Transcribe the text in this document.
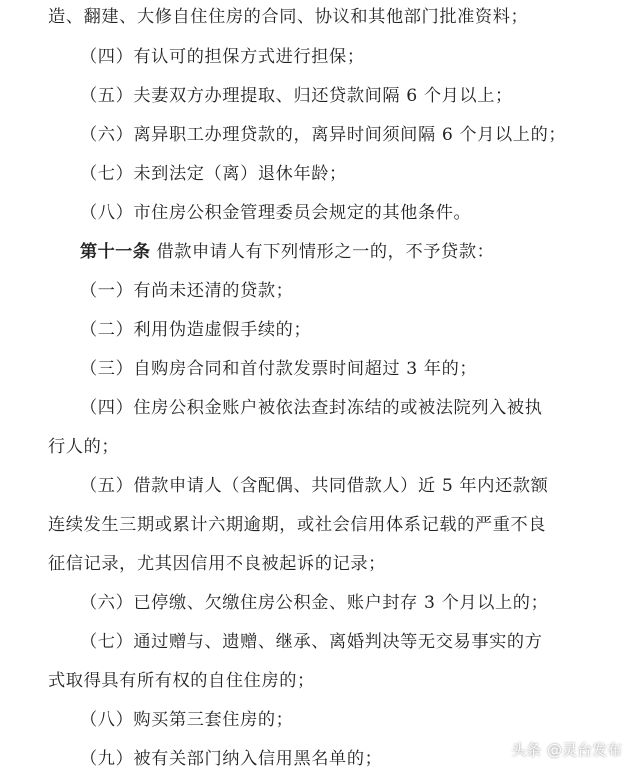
造、翻建、大修自住住房的合同、协议和其他部门批准资料；
（四）有认可的担保方式进行担保；
（五）夫妻双方办理提取、归还贷款间隔 6 个月以上；
（六）离异职工办理贷款的，离异时间须间隔 6 个月以上的；
（七）未到法定（离）退休年龄；
（八）市住房公积金管理委员会规定的其他条件。
第十一条 借款申请人有下列情形之一的，不予贷款：
（一）有尚未还清的贷款；
（二）利用伪造虚假手续的；
（三）自购房合同和首付款发票时间超过 3 年的；
（四）住房公积金账户被依法查封冻结的或被法院列入被执
行人的；
（五）借款申请人（含配偶、共同借款人）近 5 年内还款额
连续发生三期或累计六期逾期，或社会信用体系记载的严重不良
征信记录，尤其因信用不良被起诉的记录；
（六）已停缴、欠缴住房公积金、账户封存 3 个月以上的；
（七）通过赠与、遗赠、继承、离婚判决等无交易事实的方
式取得具有所有权的自住住房的；
（八）购买第三套住房的；
（九）被有关部门纳入信用黑名单的；	头条 @灵台发布
